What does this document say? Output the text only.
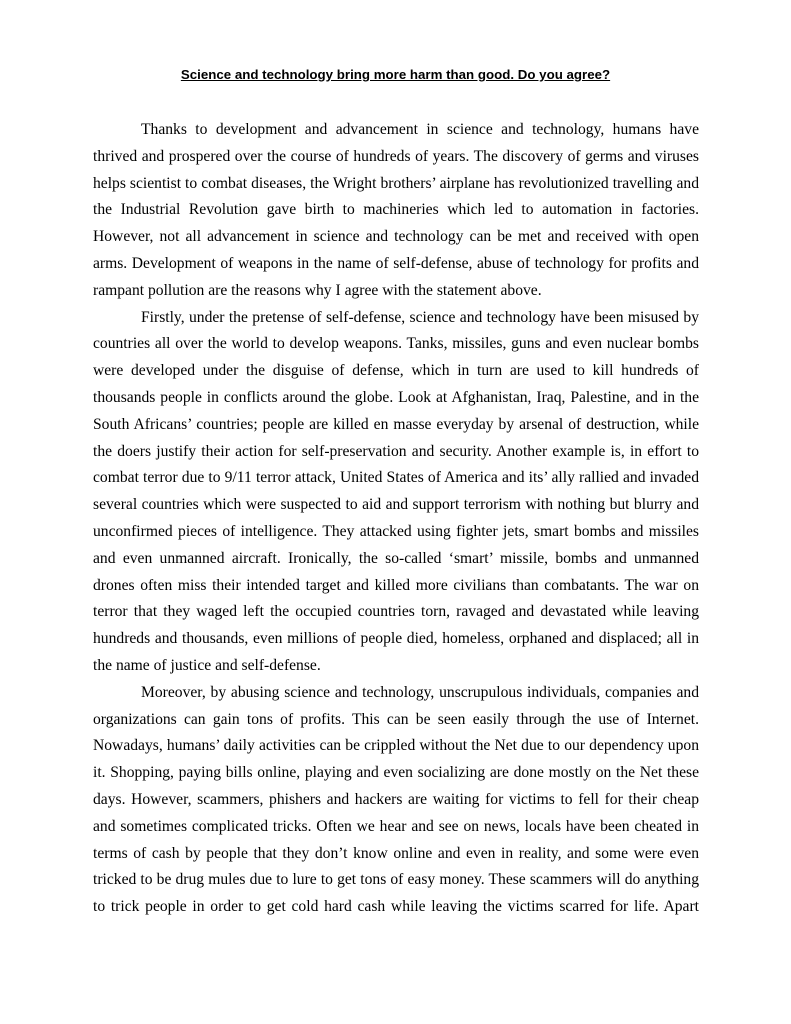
Science and technology bring more harm than good. Do you agree?

Thanks to development and advancement in science and technology, humans have thrived and prospered over the course of hundreds of years. The discovery of germs and viruses helps scientist to combat diseases, the Wright brothers’ airplane has revolutionized travelling and the Industrial Revolution gave birth to machineries which led to automation in factories. However, not all advancement in science and technology can be met and received with open arms. Development of weapons in the name of self-defense, abuse of technology for profits and rampant pollution are the reasons why I agree with the statement above.

Firstly, under the pretense of self-defense, science and technology have been misused by countries all over the world to develop weapons. Tanks, missiles, guns and even nuclear bombs were developed under the disguise of defense, which in turn are used to kill hundreds of thousands people in conflicts around the globe. Look at Afghanistan, Iraq, Palestine, and in the South Africans’ countries; people are killed en masse everyday by arsenal of destruction, while the doers justify their action for self-preservation and security. Another example is, in effort to combat terror due to 9/11 terror attack, United States of America and its’ ally rallied and invaded several countries which were suspected to aid and support terrorism with nothing but blurry and unconfirmed pieces of intelligence. They attacked using fighter jets, smart bombs and missiles and even unmanned aircraft. Ironically, the so-called ‘smart’ missile, bombs and unmanned drones often miss their intended target and killed more civilians than combatants. The war on terror that they waged left the occupied countries torn, ravaged and devastated while leaving hundreds and thousands, even millions of people died, homeless, orphaned and displaced; all in the name of justice and self-defense.

Moreover, by abusing science and technology, unscrupulous individuals, companies and organizations can gain tons of profits. This can be seen easily through the use of Internet. Nowadays, humans’ daily activities can be crippled without the Net due to our dependency upon it. Shopping, paying bills online, playing and even socializing are done mostly on the Net these days. However, scammers, phishers and hackers are waiting for victims to fell for their cheap and sometimes complicated tricks. Often we hear and see on news, locals have been cheated in terms of cash by people that they don’t know online and even in reality, and some were even tricked to be drug mules due to lure to get tons of easy money. These scammers will do anything to trick people in order to get cold hard cash while leaving the victims scarred for life. Apart
